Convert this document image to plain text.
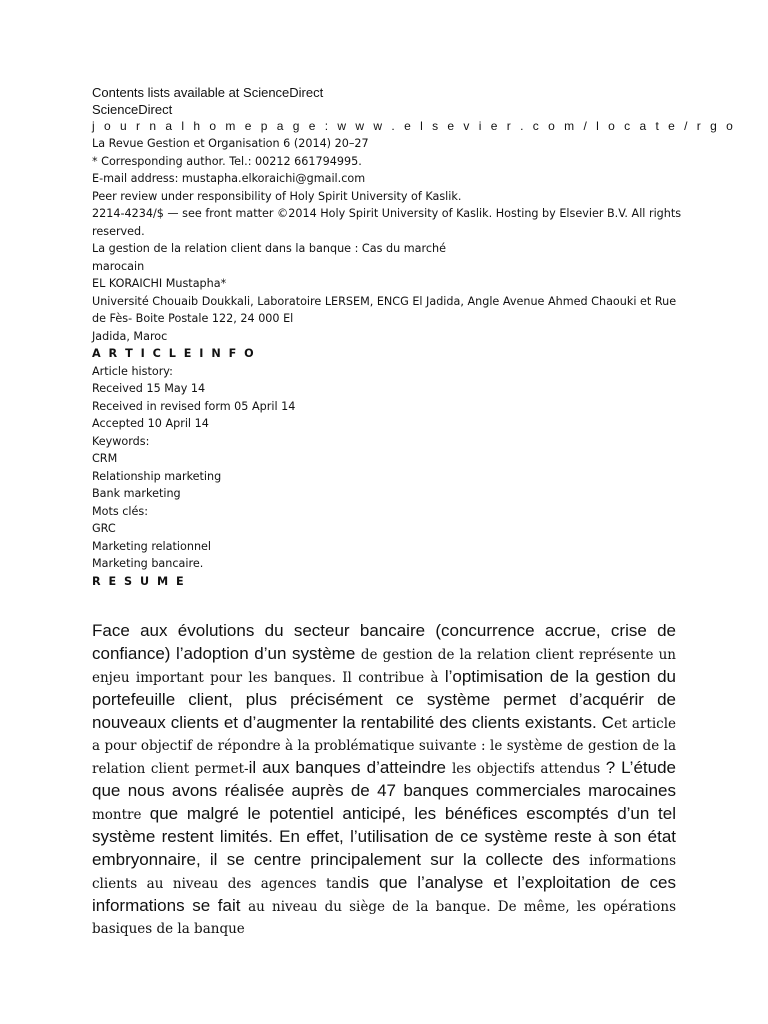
Contents lists available at ScienceDirect

ScienceDirect

j o u r n a l h o m e p a g e : w w w . e l s e v i e r . c o m / l o c a t e / r g o

La Revue Gestion et Organisation 6 (2014) 20–27

* Corresponding author. Tel.: 00212 661794995.

E-mail address: mustapha.elkoraichi@gmail.com

Peer review under responsibility of Holy Spirit University of Kaslik.

2214-4234/$ — see front matter ©2014 Holy Spirit University of Kaslik. Hosting by Elsevier B.V. All rights reserved.

La gestion de la relation client dans la banque : Cas du marché

marocain

EL KORAICHI Mustapha*

Université Chouaib Doukkali, Laboratoire LERSEM, ENCG El Jadida, Angle Avenue Ahmed Chaouki et Rue de Fès- Boite Postale 122, 24 000 El

Jadida, Maroc

A R T I C L E I N F O

Article history:

Received 15 May 14

Received in revised form 05 April 14

Accepted 10 April 14

Keywords:

CRM

Relationship marketing

Bank marketing

Mots clés:

GRC

Marketing relationnel

Marketing bancaire.

R E S U M E

Face aux évolutions du secteur bancaire (concurrence accrue, crise de confiance) l’adoption d’un système de gestion de la relation client représente un enjeu important pour les banques. Il contribue à l’optimisation de la gestion du portefeuille client, plus précisément ce système permet d’acquérir de nouveaux clients et d’augmenter la rentabilité des clients existants. Cet article a pour objectif de répondre à la problématique suivante : le système de gestion de la relation client permet-il aux banques d’atteindre les objectifs attendus ? L’étude que nous avons réalisée auprès de 47 banques commerciales marocaines montre que malgré le potentiel anticipé, les bénéfices escomptés d’un tel système restent limités. En effet, l’utilisation de ce système reste à son état embryonnaire, il se centre principalement sur la collecte des informations clients au niveau des agences tandis que l’analyse et l’exploitation de ces informations se fait au niveau du siège de la banque. De même, les opérations basiques de la banque
